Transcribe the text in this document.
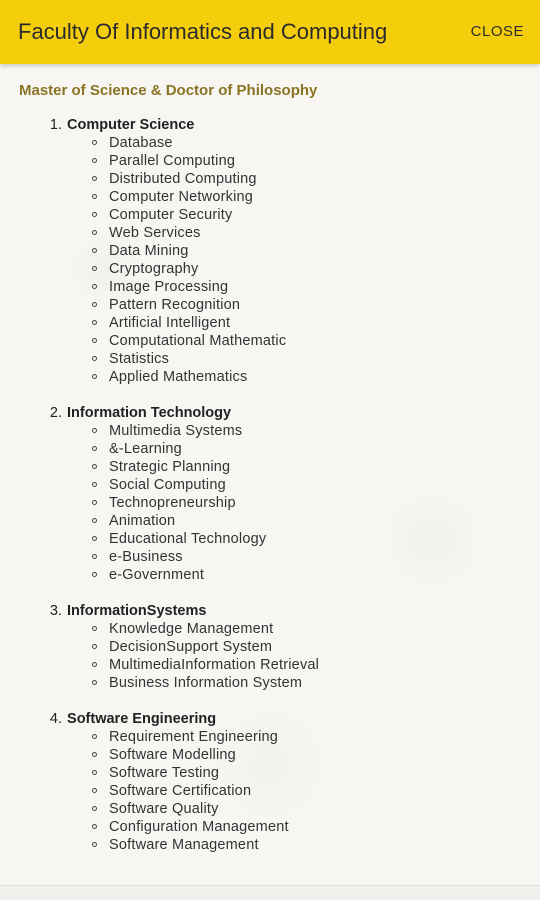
Faculty Of Informatics and Computing	CLOSE
Master of Science & Doctor of Philosophy
1.
Computer Science
Database
Parallel Computing
Distributed Computing
Computer Networking
Computer Security
Web Services
Data Mining
Cryptography
Image Processing
Pattern Recognition
Artificial Intelligent
Computational Mathematic
Statistics
Applied Mathematics
2.
Information Technology
Multimedia Systems
&-Learning
Strategic Planning
Social Computing
Technopreneurship
Animation
Educational Technology
e-Business
e-Government
3.
InformationSystems
Knowledge Management
DecisionSupport System
MultimediaInformation Retrieval
Business Information System
4.
Software Engineering
Requirement Engineering
Software Modelling
Software Testing
Software Certification
Software Quality
Configuration Management
Software Management
